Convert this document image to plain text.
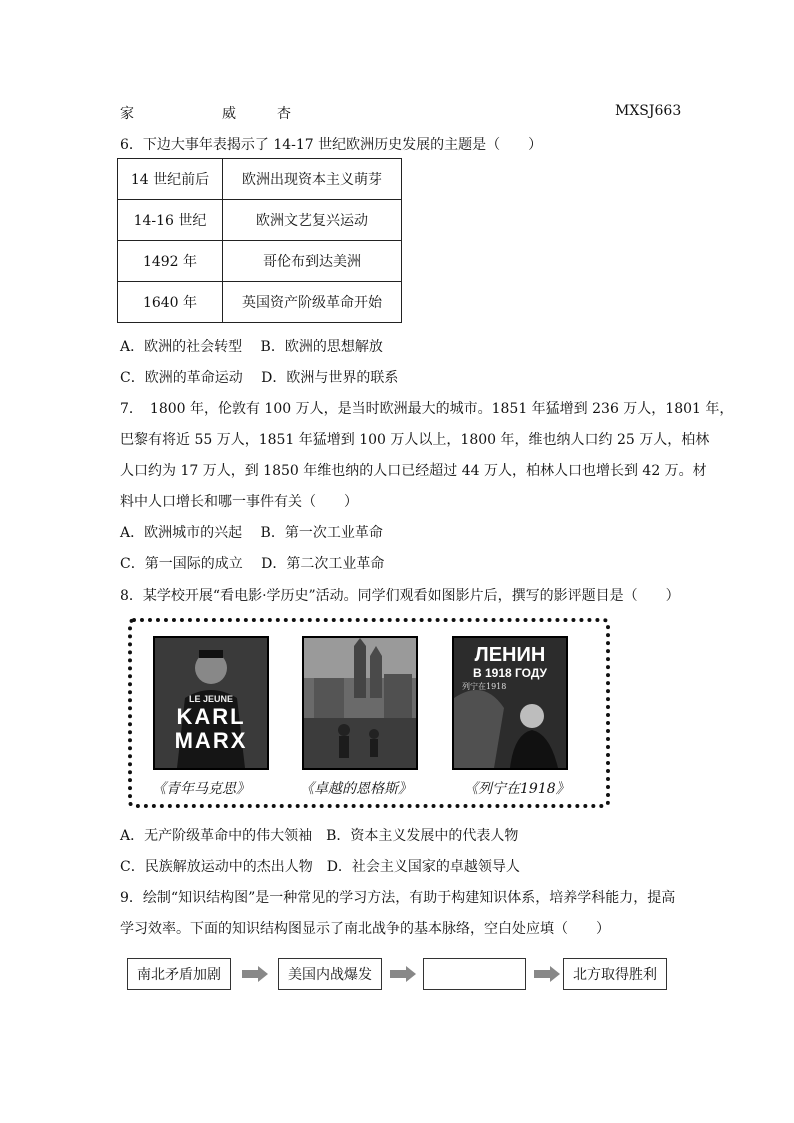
家	威	杏	MXSJ663
6．下边大事年表揭示了 14-17 世纪欧洲历史发展的主题是（　　）
14 世纪前后	欧洲出现资本主义萌芽
14-16 世纪	欧洲文艺复兴运动
1492 年	哥伦布到达美洲
1640 年	英国资产阶级革命开始
A．欧洲的社会转型　 B．欧洲的思想解放
C．欧洲的革命运动　 D．欧洲与世界的联系
7．　1800 年，伦敦有 100 万人，是当时欧洲最大的城市。1851 年猛增到 236 万人，1801 年，
巴黎有将近 55 万人，1851 年猛增到 100 万人以上，1800 年，维也纳人口约 25 万人，柏林
人口约为 17 万人，到 1850 年维也纳的人口已经超过 44 万人，柏林人口也增长到 42 万。材
料中人口增长和哪一事件有关（　　）
A．欧洲城市的兴起　 B．第一次工业革命
C．第一国际的成立　 D．第二次工业革命
8．某学校开展“看电影·学历史”活动。同学们观看如图影片后，撰写的影评题目是（　　）
LE JEUNE
KARL
MARX
《青年马克思》	《卓越的恩格斯》
ЛЕНИН
В 1918 ГОДУ
列宁在1918
《列宁在1918》
A．无产阶级革命中的伟大领袖　B．资本主义发展中的代表人物
C．民族解放运动中的杰出人物　D．社会主义国家的卓越领导人
9．绘制“知识结构图”是一种常见的学习方法，有助于构建知识体系，培养学科能力，提高
学习效率。下面的知识结构图显示了南北战争的基本脉络，空白处应填（　　）
南北矛盾加剧	美国内战爆发	北方取得胜利
